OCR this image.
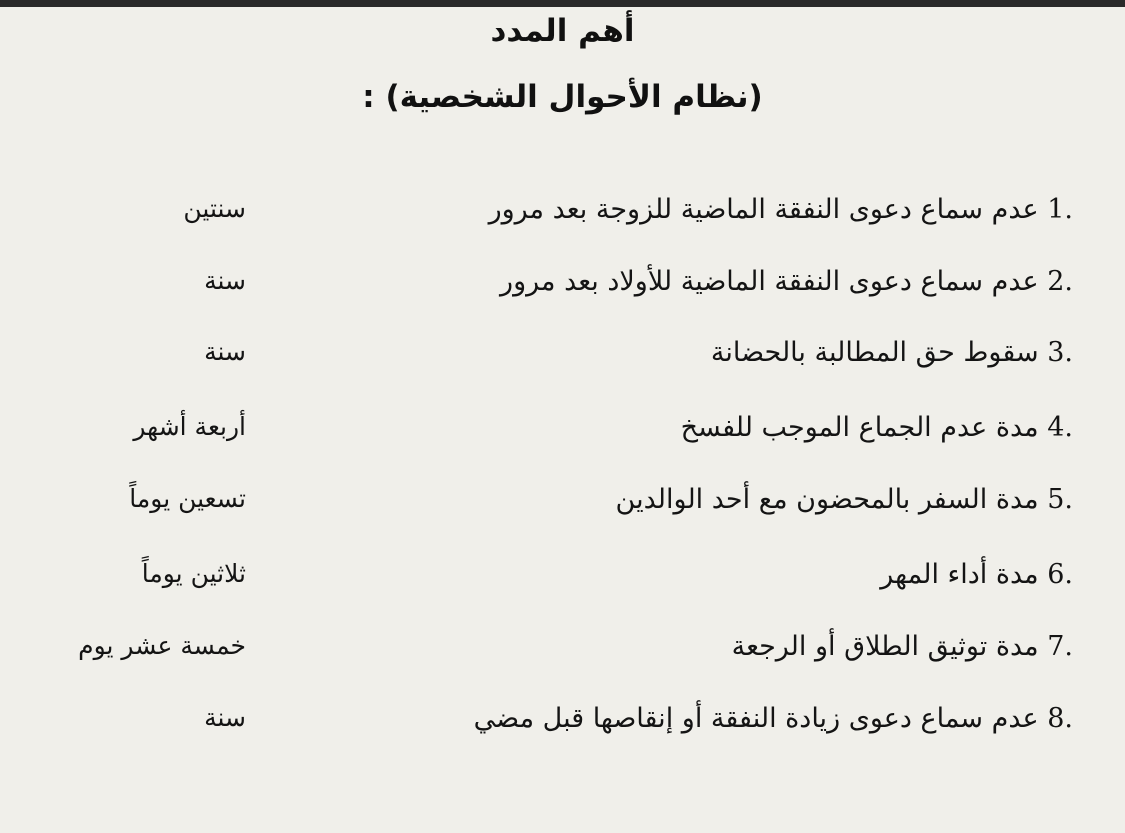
أهم المدد
(نظام الأحوال الشخصية) :
1. عدم سماع دعوى النفقة الماضية للزوجة بعد مرور
سنتين
2. عدم سماع دعوى النفقة الماضية للأولاد بعد مرور
سنة
3. سقوط حق المطالبة بالحضانة
سنة
4. مدة عدم الجماع الموجب للفسخ
أربعة أشهر
5. مدة السفر بالمحضون مع أحد الوالدين
تسعين يوماً
6. مدة أداء المهر
ثلاثين يوماً
7. مدة توثيق الطلاق أو الرجعة
خمسة عشر يوم
8. عدم سماع دعوى زيادة النفقة أو إنقاصها قبل مضي
سنة
